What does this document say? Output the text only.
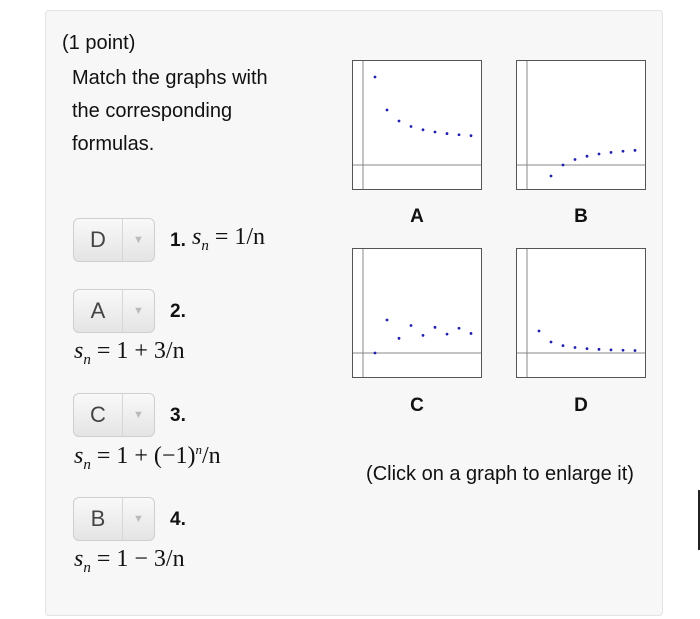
(1 point)
Match the graphs with the corresponding formulas.
D	▼	1. $s_n = 1/n$
A	▼	2.
$s_n = 1 + 3/n$
C	▼	3.
$s_n = 1 + (-1)^n/n$
B	▼	4.
$s_n = 1 - 3/n$
A	B
C	D
(Click on a graph to enlarge it)
